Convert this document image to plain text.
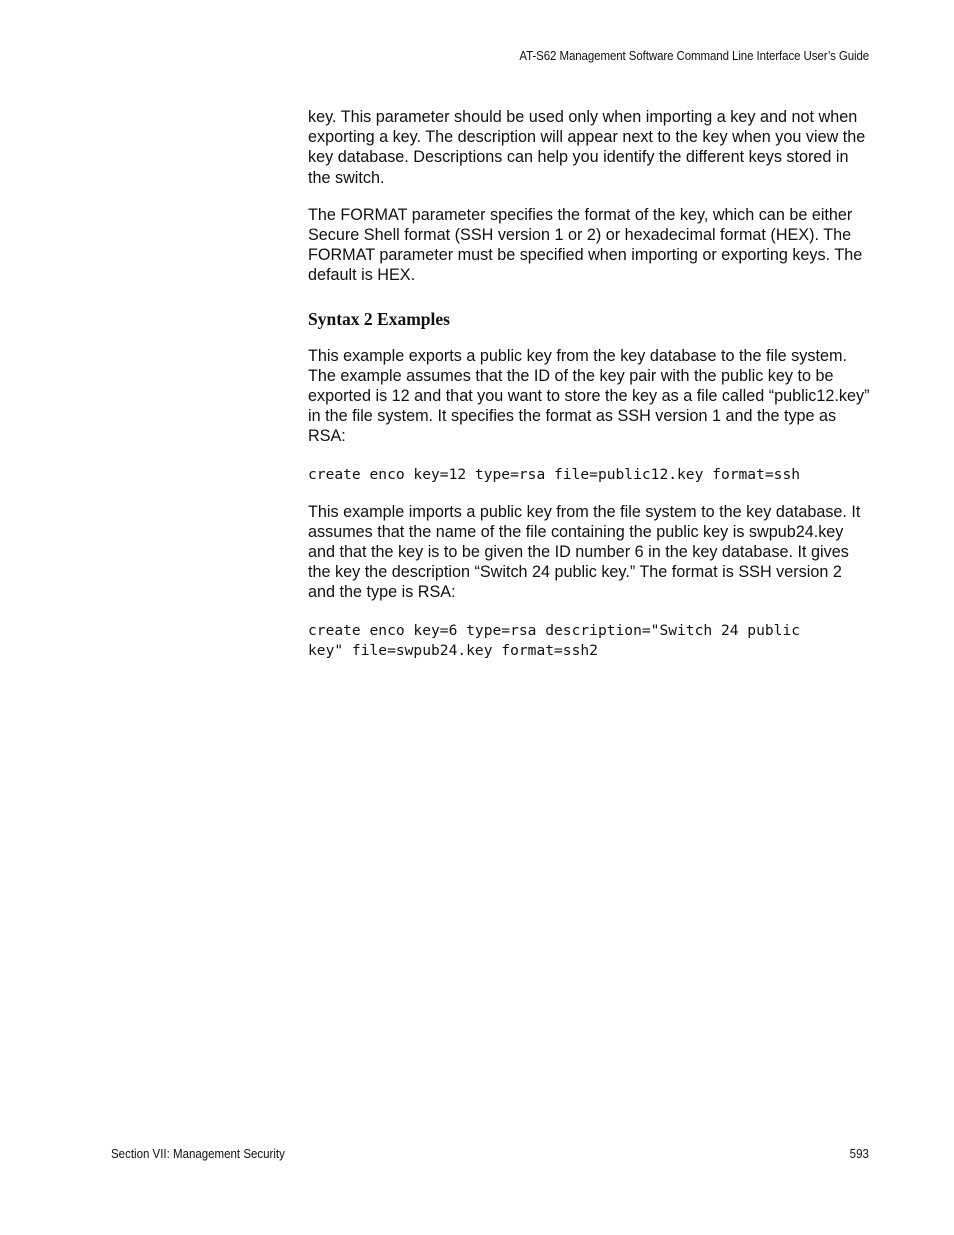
AT-S62 Management Software Command Line Interface User’s Guide

key. This parameter should be used only when importing a key and not when exporting a key. The description will appear next to the key when you view the key database. Descriptions can help you identify the different keys stored in the switch.

The FORMAT parameter specifies the format of the key, which can be either Secure Shell format (SSH version 1 or 2) or hexadecimal format (HEX). The FORMAT parameter must be specified when importing or exporting keys. The default is HEX.

Syntax 2 Examples

This example exports a public key from the key database to the file system. The example assumes that the ID of the key pair with the public key to be exported is 12 and that you want to store the key as a file called “public12.key” in the file system. It specifies the format as SSH version 1 and the type as RSA:

create enco key=12 type=rsa file=public12.key format=ssh

This example imports a public key from the file system to the key database. It assumes that the name of the file containing the public key is swpub24.key and that the key is to be given the ID number 6 in the key database. It gives the key the description “Switch 24 public key.” The format is SSH version 2 and the type is RSA:

create enco key=6 type=rsa description="Switch 24 public
key" file=swpub24.key format=ssh2
Section VII: Management Security	593
